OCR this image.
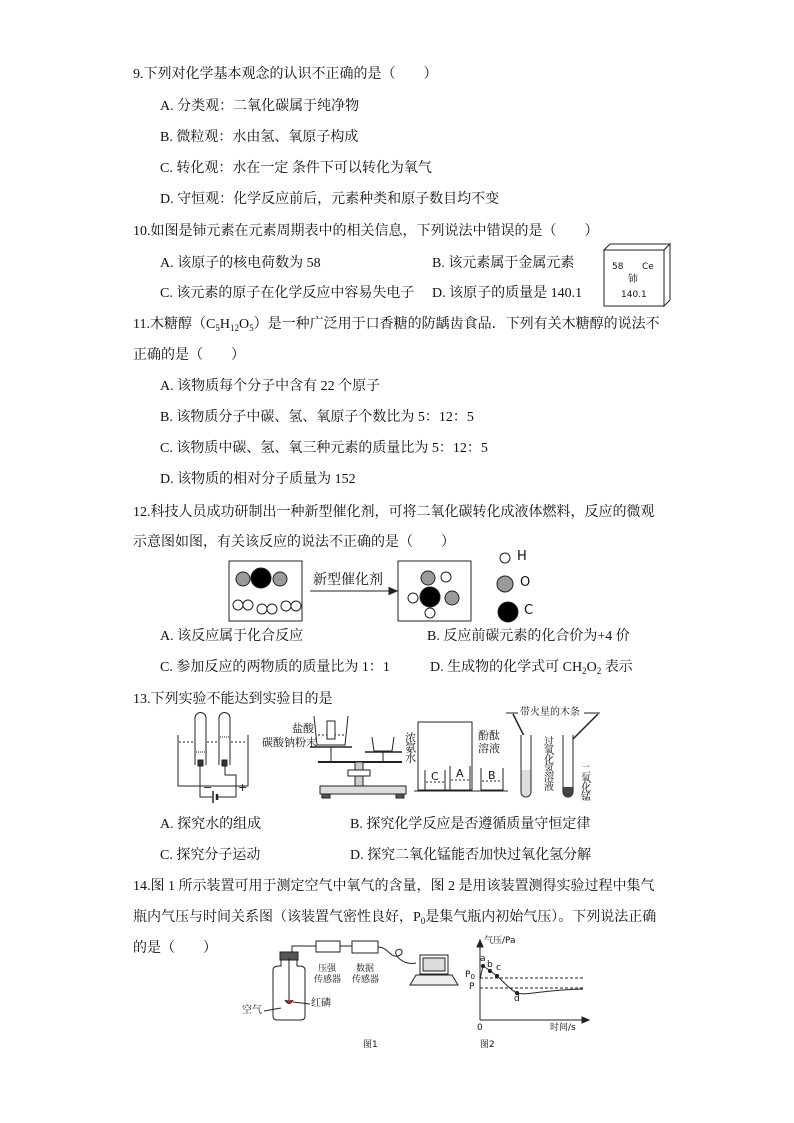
9.下列对化学基本观念的认识不正确的是（　　）
A. 分类观：二氧化碳属于纯净物
B. 微粒观：水由氢、氧原子构成
C. 转化观：水在一定 条件下可以转化为氧气
D. 守恒观：化学反应前后，元素种类和原子数目均不变
10.如图是铈元素在元素周期表中的相关信息，下列说法中错误的是（　　）
A. 该原子的核电荷数为 58	B. 该元素属于金属元素
C. 该元素的原子在化学反应中容易失电子 D. 该原子的质量是 140.1
58 Ce
铈
140.1
11.木糖醇$(C_5H_{12}O_5)$是一种广泛用于口香糖的防龋齿食品．下列有关木糖醇的说法不
正确的是（　　）
A. 该物质每个分子中含有 22 个原子
B. 该物质分子中碳、氢、氧原子个数比为 5：12：5
C. 该物质中碳、氢、氧三种元素的质量比为 5：12：5
D. 该物质的相对分子质量为 152
12.科技人员成功研制出一种新型催化剂，可将二氧化碳转化成液体燃料，反应的微观
示意图如图，有关该反应的说法不正确的是（　　）
新型催化剂
H
O
C
A. 该反应属于化合反应	B. 反应前碳元素的化合价为+4 价
C. 参加反应的两物质的质量比为 1：1	D. 生成物的化学式可 $CH_2O_2$ 表示
13.下列实验不能达到实验目的是
− +
盐酸
碳酸钠粉末	浓氨水	酚酞
溶液
C A B
带火星的木条
过氧化氢溶液	二氧化锰
A. 探究水的组成	B. 探究化学反应是否遵循质量守恒定律
C. 探究分子运动	D. 探究二氧化锰能否加快过氧化氢分解
14.图 1 所示装置可用于测定空气中氧气的含量，图 2 是用该装置测得实验过程中集气
瓶内气压与时间关系图（该装置气密性良好，$P_0$是集气瓶内初始气压）。下列说法正确
的是（　　）
压强
传感器
数据
传感器
红磷
空气
图1
气压/Pa
$P_0$
P
a
b c
d
0	时间/s
图2
